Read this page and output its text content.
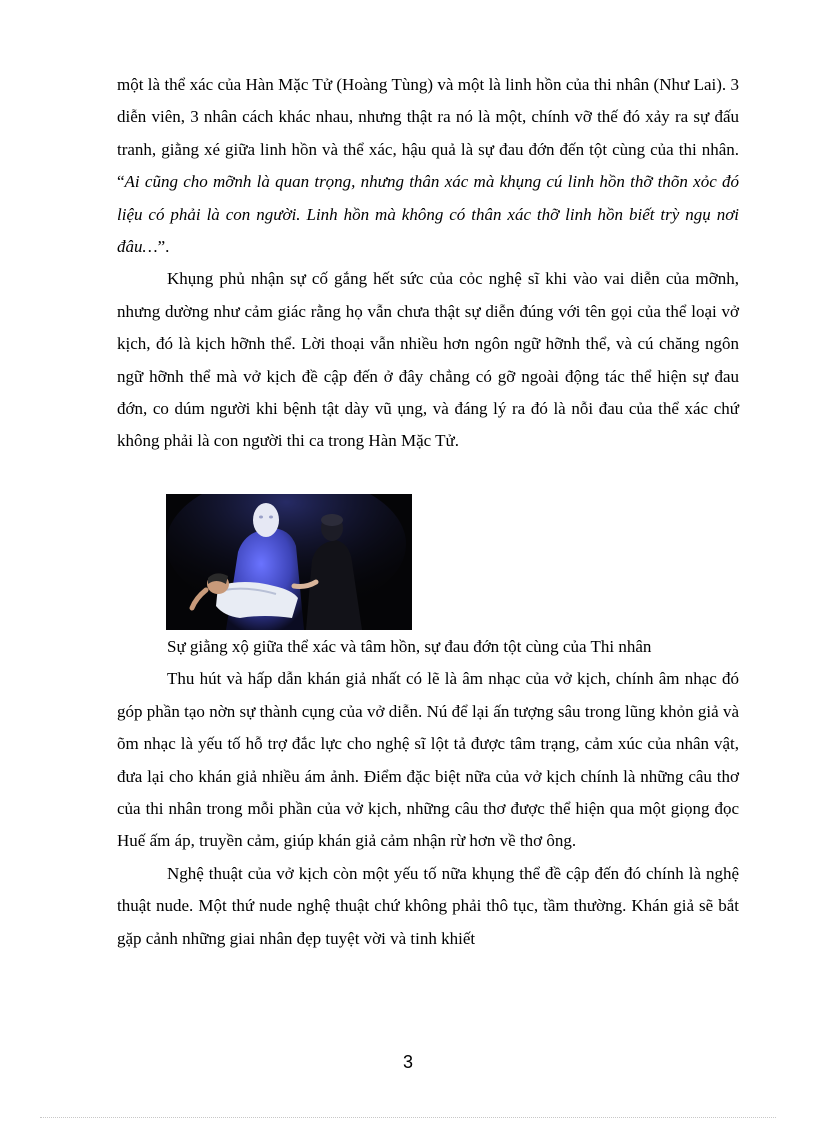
một là thể xác của Hàn Mặc Tử (Hoàng Tùng) và một là linh hồn của thi nhân (Như Lai). 3 diễn viên, 3 nhân cách khác nhau, nhưng thật ra nó là một, chính vỡ thế đó xảy ra sự đấu tranh, giằng xé giữa linh hồn và thể xác, hậu quả là sự đau đớn đến tột cùng của thi nhân. “Ai cũng cho mỡnh là quan trọng, nhưng thân xác mà khụng cú linh hồn thỡ thõn xỏc đó liệu có phải là con người. Linh hồn mà không có thân xác thỡ linh hồn biết trỳ ngụ nơi đâu…”.

Khụng phủ nhận sự cố gắng hết sức của cỏc nghệ sĩ khi vào vai diễn của mỡnh, nhưng dường như cảm giác rằng họ vẫn chưa thật sự diễn đúng với tên gọi của thể loại vở kịch, đó là kịch hỡnh thể. Lời thoại vẫn nhiều hơn ngôn ngữ hỡnh thể, và cú chăng ngôn ngữ hỡnh thể mà vở kịch đề cập đến ở đây chẳng có gỡ ngoài động tác thể hiện sự đau đớn, co dúm người khi bệnh tật dày vũ ụng, và đáng lý ra đó là nỗi đau của thể xác chứ không phải là con người thi ca trong Hàn Mặc Tử.

Sự giằng xộ giữa thể xác và tâm hồn, sự đau đớn tột cùng của Thi nhân

Thu hút và hấp dẫn khán giả nhất có lẽ là âm nhạc của vở kịch, chính âm nhạc đó góp phần tạo nờn sự thành cụng của vở diễn. Nú để lại ấn tượng sâu trong lũng khỏn giả và õm nhạc là yếu tố hỗ trợ đắc lực cho nghệ sĩ lột tả được tâm trạng, cảm xúc của nhân vật, đưa lại cho khán giả nhiều ám ảnh. Điểm đặc biệt nữa của vở kịch chính là những câu thơ của thi nhân trong mỗi phần của vở kịch, những câu thơ được thể hiện qua một giọng đọc Huế ấm áp, truyền cảm, giúp khán giả cảm nhận rừ hơn về thơ ông.

Nghệ thuật của vở kịch còn một yếu tố nữa khụng thể đề cập đến đó chính là nghệ thuật nude. Một thứ nude nghệ thuật chứ không phải thô tục, tầm thường. Khán giả sẽ bắt gặp cảnh những giai nhân đẹp tuyệt vời và tinh khiết

3
